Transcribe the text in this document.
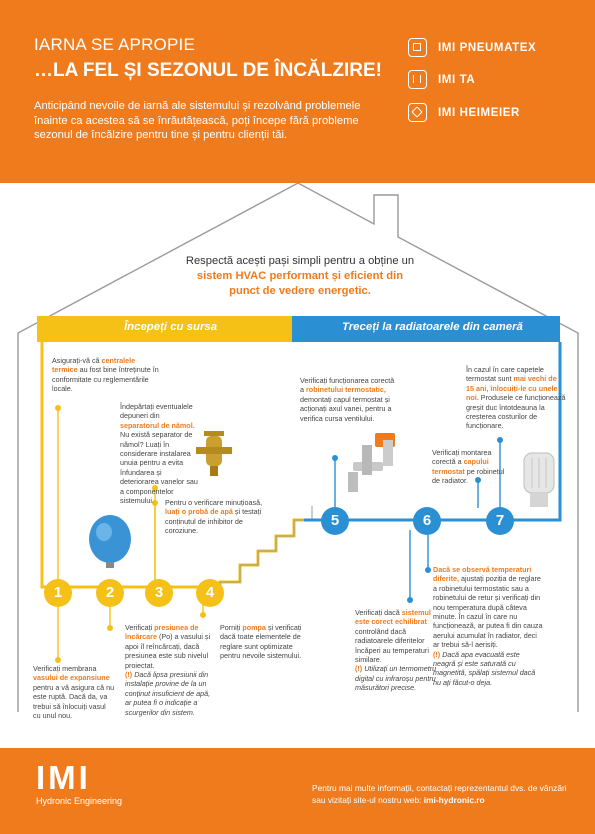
IARNA SE APROPIE
…LA FEL ȘI SEZONUL DE ÎNCĂLZIRE!
Anticipând nevoile de iarnă ale sistemului și rezolvând problemele înainte ca acestea să se înrăutățească, poți începe fără probleme sezonul de încălzire pentru tine și pentru clienții tăi.
IMI PNEUMATEX
IMI TA
IMI HEIMEIER
Respectă acești pași simpli pentru a obține un sistem HVAC performant și eficient din punct de vedere energetic.
Începeți cu sursa	Treceți la radiatoarele din cameră
1	2	3	4
5	6	7
Asigurați-vă că centralele termice au fost bine întreținute în conformitate cu reglementările locale.
Îndepărtați eventualele depuneri din separatorul de nămol. Nu există separator de nămol? Luați în considerare instalarea unuia pentru a evita înfundarea și deteriorarea vanelor sau a componentelor sistemului.	Pentru o verificare minuțioasă, luați o probă de apă și testați conținutul de inhibitor de coroziune.
Verificați membrana vasului de expansiune pentru a vă asigura că nu este ruptă. Dacă da, va trebui să înlocuiți vasul cu unul nou.
Verificați presiunea de încărcare (Po) a vasului și apoi îl reîncărcați, dacă presiunea este sub nivelul proiectat.
(!) Dacă lipsa presiunii din instalație provine de la un conținut insuficient de apă, ar putea fi o indicație a scurgerilor din sistem.
Porniți pompa și verificați dacă toate elementele de reglare sunt optimizate pentru nevoile sistemului.
Verificați funcționarea corectă a robinetului termostatic, demontați capul termostat și acționați axul vanei, pentru a verifica cursa ventilului.
Verificați dacă sistemul este corect echilibrat controlând dacă radiatoarele diferitelor încăperi au temperaturi similare.
(!) Utilizați un termometru digital cu infraroșu pentru măsurători precise.
Dacă se observă temperaturi diferite, ajustați poziția de reglare a robinetului termostatic sau a robinetului de retur și verificați din nou temperatura după câteva minute. În cazul în care nu funcționează, ar putea fi din cauza aerului acumulat în radiator, deci ar trebui să-l aerisiți.
(!) Dacă apa evacuată este neagră și este saturată cu magnetită, spălați sistemul dacă nu ați făcut-o deja.
Verificați montarea corectă a capului termostat pe robinetul de radiator.
În cazul în care capetele termostat sunt mai vechi de 15 ani, înlocuiți-le cu unele noi. Produsele ce funcționează greșit duc întotdeauna la creșterea costurilor de funcționare.
IMI
Hydronic Engineering
Pentru mai multe informații, contactați reprezentantul dvs. de vânzări sau vizitați site-ul nostru web: imi-hydronic.ro
